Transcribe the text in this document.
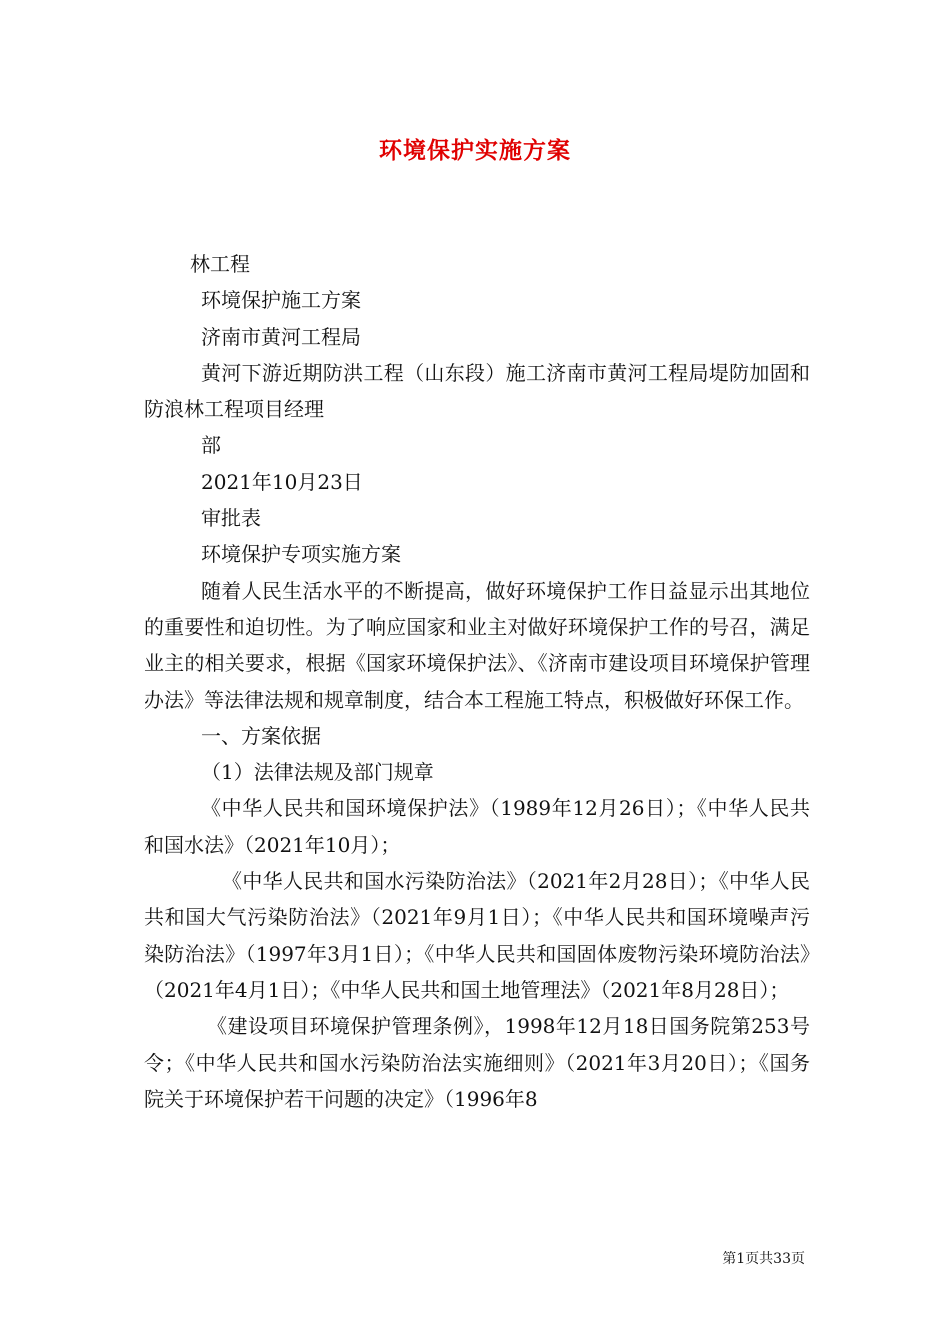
环境保护实施方案

林工程

环境保护施工方案

济南市黄河工程局

黄河下游近期防洪工程（山东段）施工济南市黄河工程局堤防加固和防浪林工程项目经理

部

2021年10月23日

审批表

环境保护专项实施方案

随着人民生活水平的不断提高，做好环境保护工作日益显示出其地位的重要性和迫切性。为了响应国家和业主对做好环境保护工作的号召，满足业主的相关要求，根据《国家环境保护法》、《济南市建设项目环境保护管理办法》等法律法规和规章制度，结合本工程施工特点，积极做好环保工作。

一、方案依据

（1）法律法规及部门规章

《中华人民共和国环境保护法》（1989年12月26日）；《中华人民共和国水法》（2021年10月）；

《中华人民共和国水污染防治法》（2021年2月28日）；《中华人民共和国大气污染防治法》（2021年9月1日）；《中华人民共和国环境噪声污染防治法》（1997年3月1日）；《中华人民共和国固体废物污染环境防治法》（2021年4月1日）；《中华人民共和国土地管理法》（2021年8月28日）；

《建设项目环境保护管理条例》，1998年12月18日国务院第253号令；《中华人民共和国水污染防治法实施细则》（2021年3月20日）；《国务院关于环境保护若干问题的决定》（1996年8

第1页共33页
